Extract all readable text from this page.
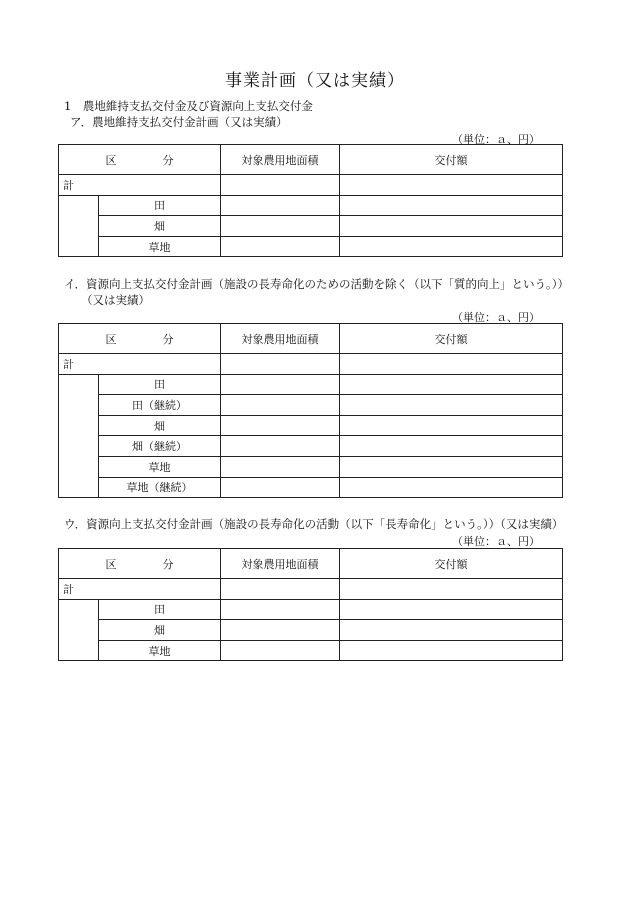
事業計画（又は実績）
1　農地維持支払交付金及び資源向上支払交付金
ア．農地維持支払交付金計画（又は実績）
（単位：ａ、円）
区 分		対象農用地面積	交付額
計			
	田		
	畑		
	草地		
イ．資源向上支払交付金計画（施設の長寿命化のための活動を除く（以下「質的向上」という。））
（又は実績）
（単位：ａ、円）
区 分		対象農用地面積	交付額
計			
	田		
	田（継続）		
	畑		
	畑（継続）		
	草地		
	草地（継続）		
ウ．資源向上支払交付金計画（施設の長寿命化の活動（以下「長寿命化」という。））（又は実績）
（単位：ａ、円）
区 分		対象農用地面積	交付額
計			
	田		
	畑		
	草地		
